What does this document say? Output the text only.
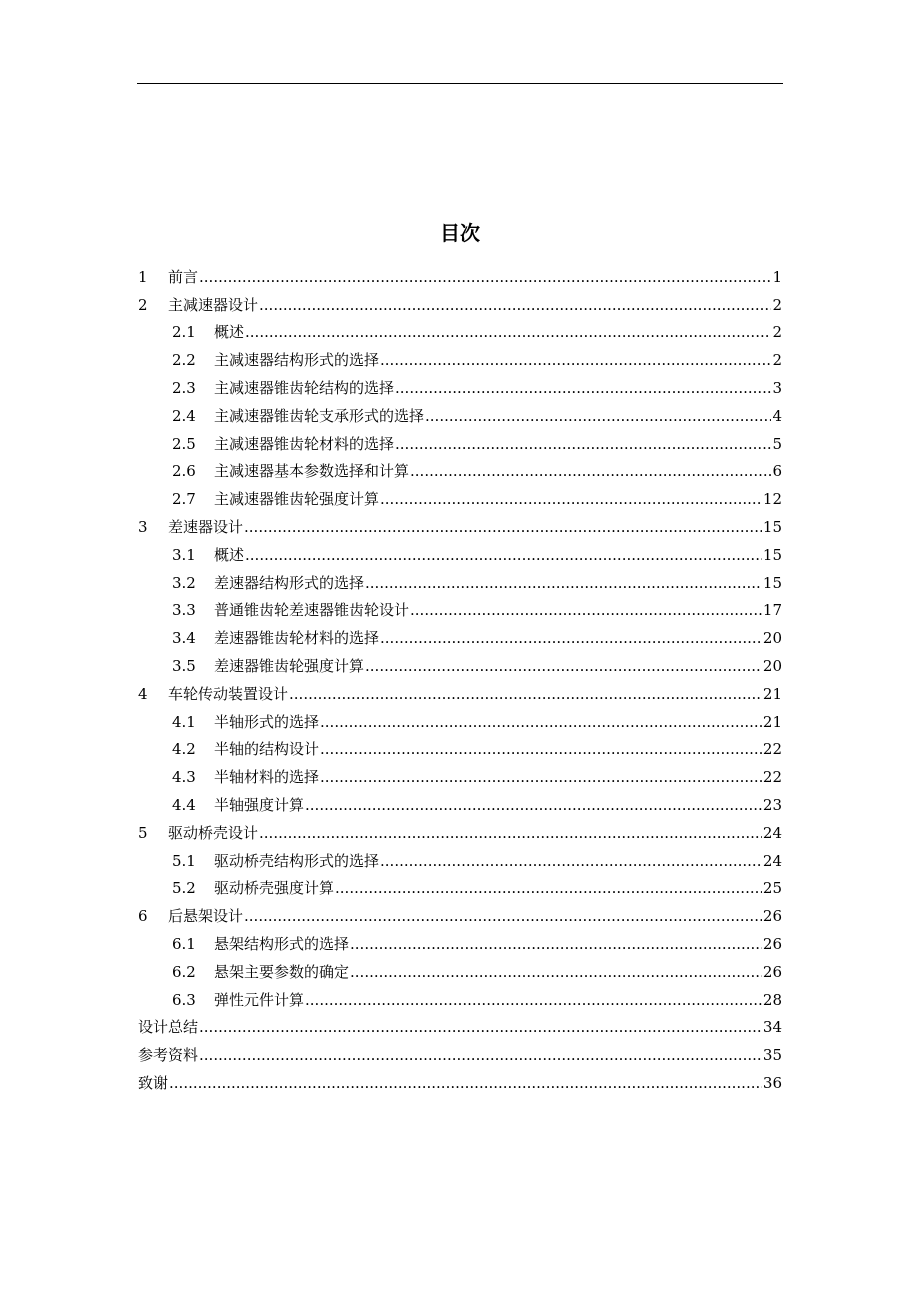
目次
1	前言 .....	1
2	主减速器设计 .....	2
2.1	概述 .....	2
2.2	主减速器结构形式的选择 .....	2
2.3	主减速器锥齿轮结构的选择 .....	3
2.4	主减速器锥齿轮支承形式的选择 .....	4
2.5	主减速器锥齿轮材料的选择 .....	5
2.6	主减速器基本参数选择和计算 .....	6
2.7	主减速器锥齿轮强度计算 .....	12
3	差速器设计 .....	15
3.1	概述 .....	15
3.2	差速器结构形式的选择 .....	15
3.3	普通锥齿轮差速器锥齿轮设计 .....	17
3.4	差速器锥齿轮材料的选择 .....	20
3.5	差速器锥齿轮强度计算 .....	20
4	车轮传动装置设计 .....	21
4.1	半轴形式的选择 .....	21
4.2	半轴的结构设计 .....	22
4.3	半轴材料的选择 .....	22
4.4	半轴强度计算 .....	23
5	驱动桥壳设计 .....	24
5.1	驱动桥壳结构形式的选择 .....	24
5.2	驱动桥壳强度计算 .....	25
6	后悬架设计 .....	26
6.1	悬架结构形式的选择 .....	26
6.2	悬架主要参数的确定 .....	26
6.3	弹性元件计算 .....	28
设计总结 .....	34
参考资料 .....	35
致谢 .....	36
